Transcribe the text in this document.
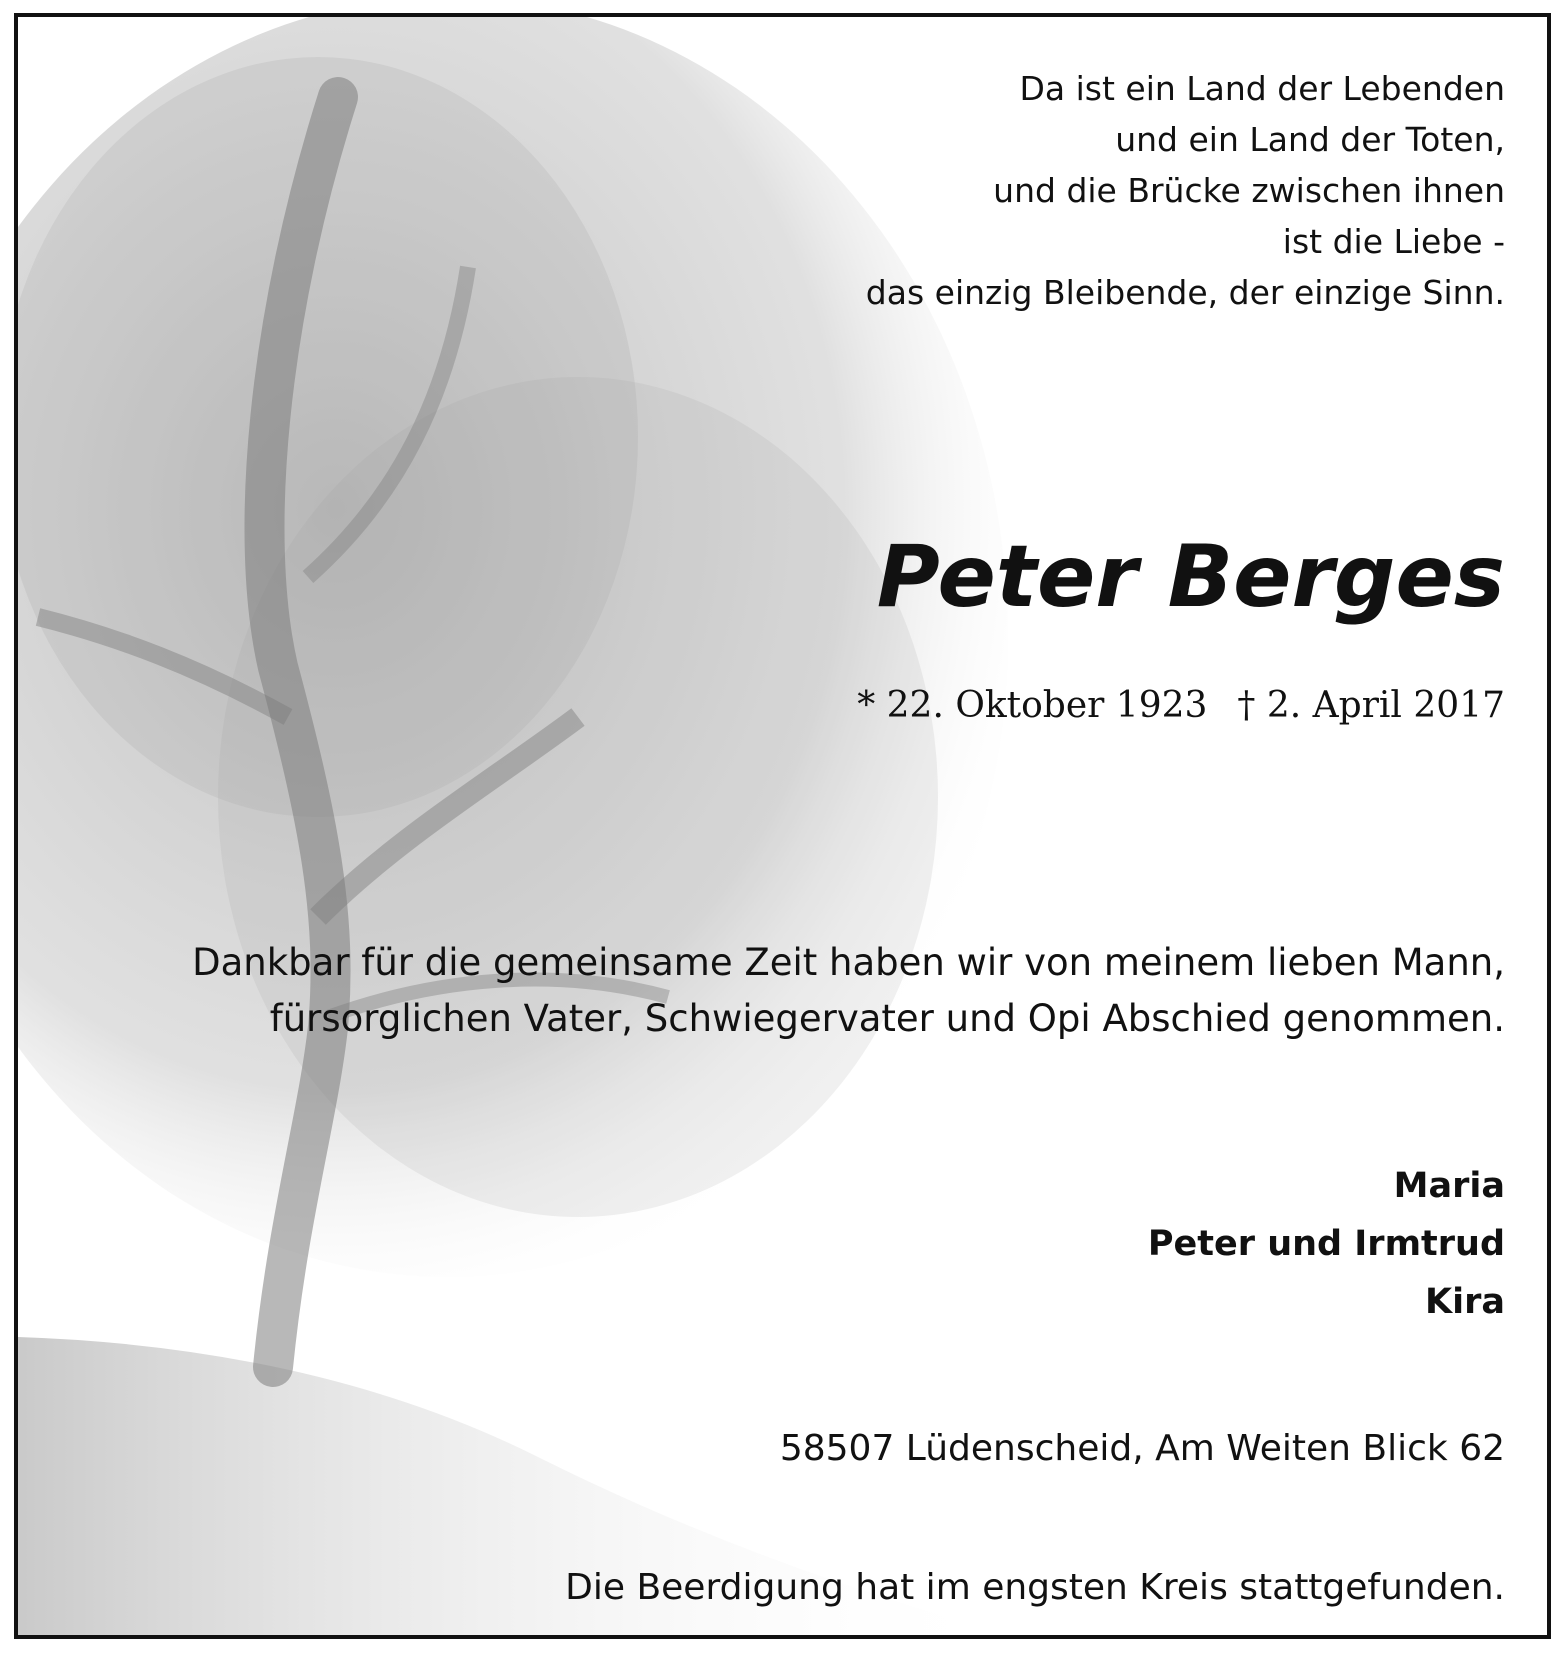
Da ist ein Land der Lebenden
und ein Land der Toten,
und die Brücke zwischen ihnen
ist die Liebe -
das einzig Bleibende, der einzige Sinn.
Peter Berges
* 22. Oktober 1923 † 2. April 2017
Dankbar für die gemeinsame Zeit haben wir von meinem lieben Mann,
fürsorglichen Vater, Schwiegervater und Opi Abschied genommen.
Maria
Peter und Irmtrud
Kira
58507 Lüdenscheid, Am Weiten Blick 62
Die Beerdigung hat im engsten Kreis stattgefunden.
